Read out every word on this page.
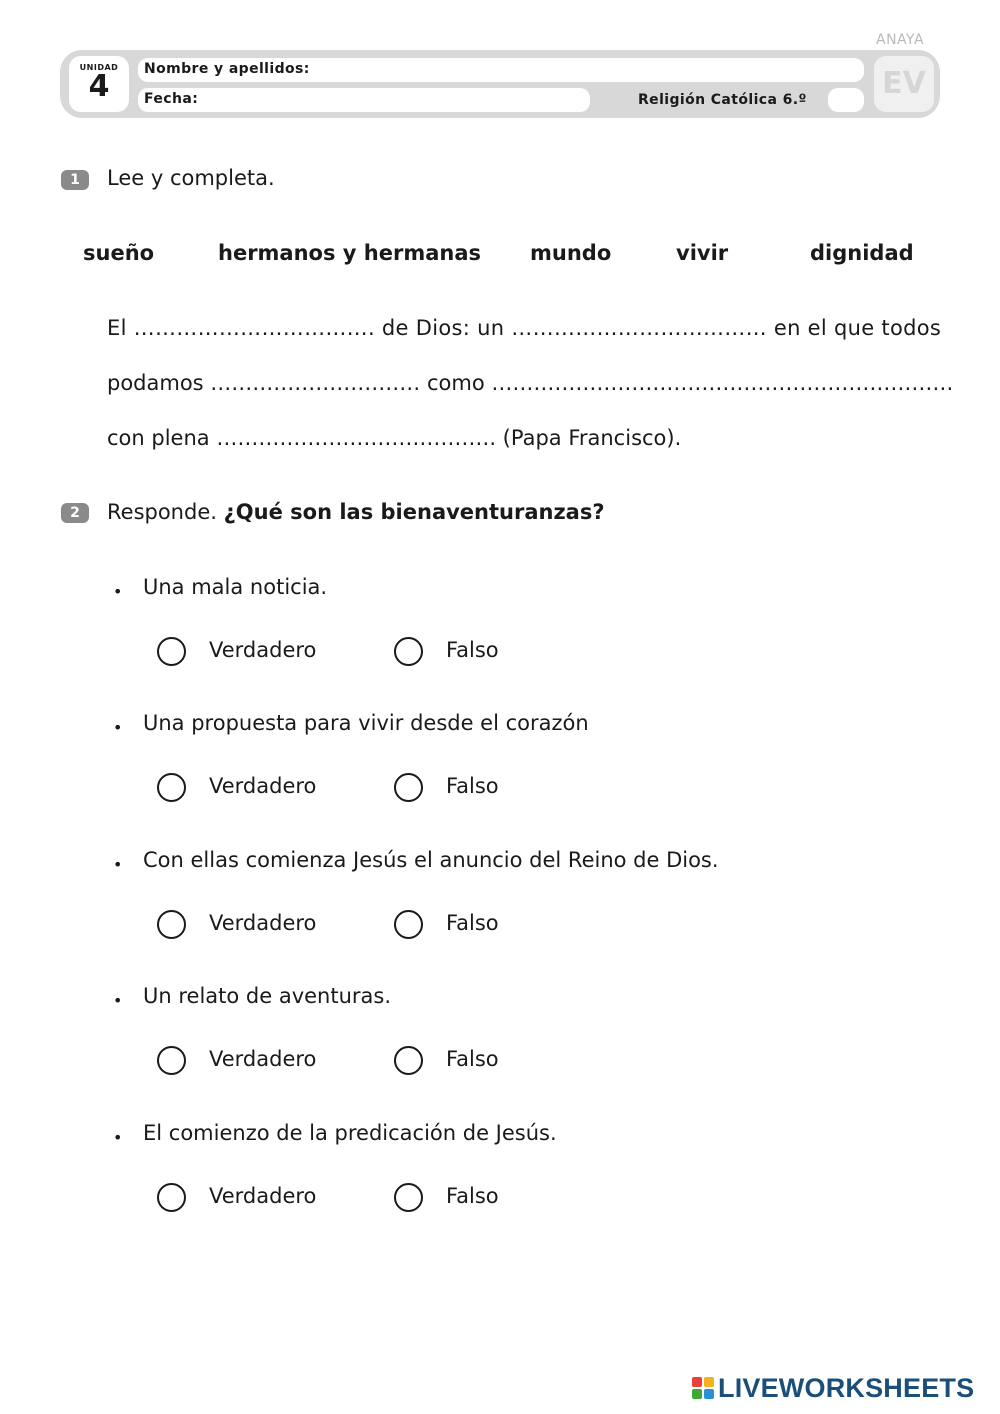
ANAYA
UNIDAD
4	Nombre y apellidos:
Fecha:	Religión Católica 6.º	EV
1	Lee y completa.
sueño	hermanos y hermanas mundo	vivir	dignidad
El ……………………………. de Dios: un ……………………………… en el que todos
podamos ………………………… como …………………………………………………………
con plena …………………………………. (Papa Francisco).
2	Responde. ¿Qué son las bienaventuranzas?
• Una mala noticia.
Verdadero	Falso
• Una propuesta para vivir desde el corazón
Verdadero	Falso
• Con ellas comienza Jesús el anuncio del Reino de Dios.
Verdadero	Falso
• Un relato de aventuras.
Verdadero	Falso
• El comienzo de la predicación de Jesús.
Verdadero	Falso
LIVEWORKSHEETS
